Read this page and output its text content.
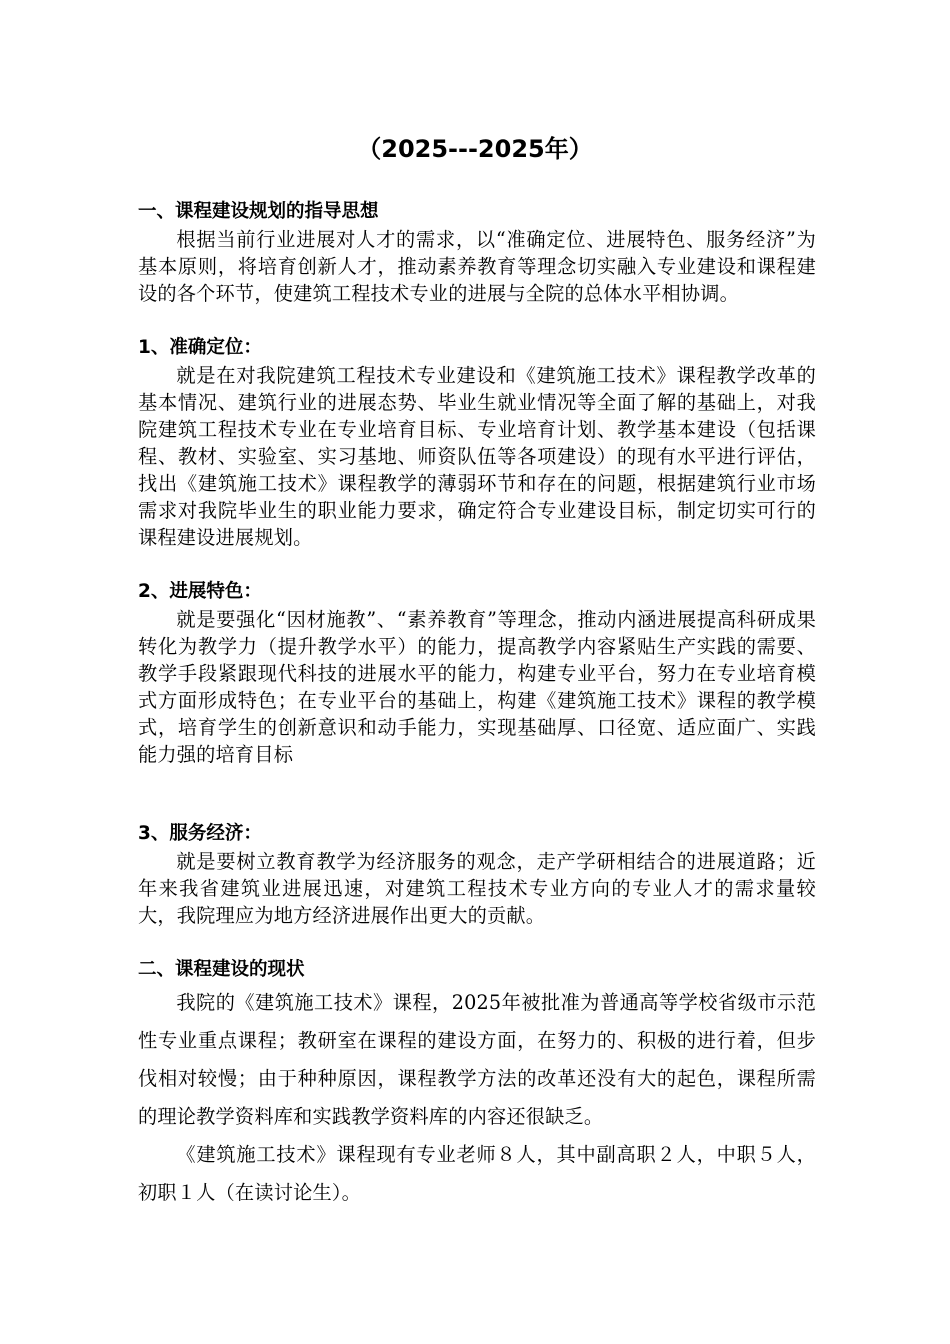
（2025---2025年）
一、课程建设规划的指导思想
根据当前行业进展对人才的需求，以“准确定位、进展特色、服务经济”为基本原则，将培育创新人才，推动素养教育等理念切实融入专业建设和课程建设的各个环节，使建筑工程技术专业的进展与全院的总体水平相协调。
1、准确定位：
就是在对我院建筑工程技术专业建设和《建筑施工技术》课程教学改革的基本情况、建筑行业的进展态势、毕业生就业情况等全面了解的基础上，对我院建筑工程技术专业在专业培育目标、专业培育计划、教学基本建设（包括课程、教材、实验室、实习基地、师资队伍等各项建设）的现有水平进行评估，找出《建筑施工技术》课程教学的薄弱环节和存在的问题，根据建筑行业市场需求对我院毕业生的职业能力要求，确定符合专业建设目标，制定切实可行的课程建设进展规划。
2、进展特色：
就是要强化“因材施教”、“素养教育”等理念，推动内涵进展提高科研成果转化为教学力（提升教学水平）的能力，提高教学内容紧贴生产实践的需要、教学手段紧跟现代科技的进展水平的能力，构建专业平台，努力在专业培育模式方面形成特色；在专业平台的基础上，构建《建筑施工技术》课程的教学模式，培育学生的创新意识和动手能力，实现基础厚、口径宽、适应面广、实践能力强的培育目标
3、服务经济：
就是要树立教育教学为经济服务的观念，走产学研相结合的进展道路；近年来我省建筑业进展迅速，对建筑工程技术专业方向的专业人才的需求量较大，我院理应为地方经济进展作出更大的贡献。
二、课程建设的现状
我院的《建筑施工技术》课程，2025年被批准为普通高等学校省级市示范性专业重点课程；教研室在课程的建设方面，在努力的、积极的进行着，但步伐相对较慢；由于种种原因，课程教学方法的改革还没有大的起色，课程所需的理论教学资料库和实践教学资料库的内容还很缺乏。
《建筑施工技术》课程现有专业老师８人，其中副高职２人，中职５人，初职１人（在读讨论生）。
